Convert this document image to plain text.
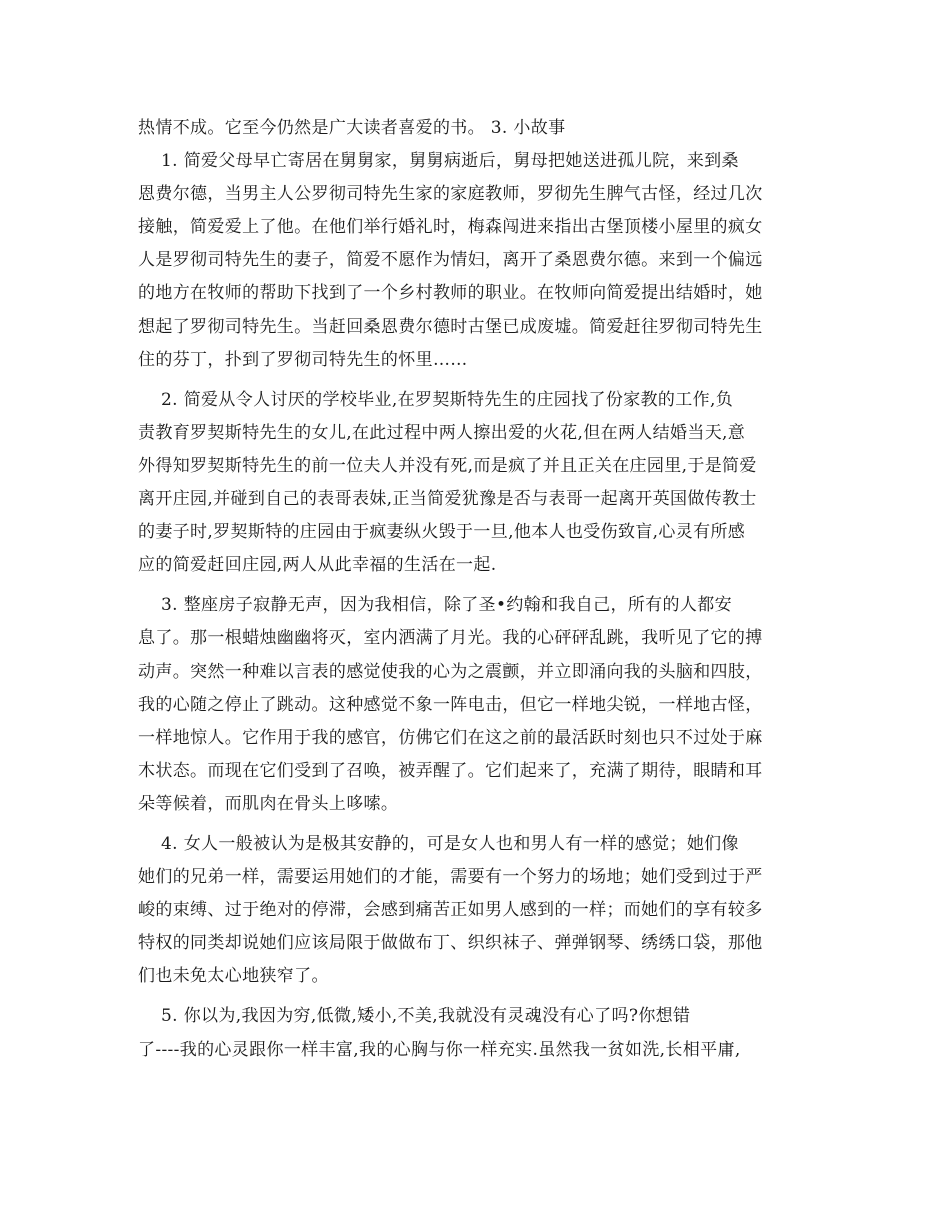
热情不成。它至今仍然是广大读者喜爱的书。 3. 小故事
1. 简爱父母早亡寄居在舅舅家，舅舅病逝后，舅母把她送进孤儿院，来到桑
恩费尔德，当男主人公罗彻司特先生家的家庭教师，罗彻先生脾气古怪，经过几次
接触，简爱爱上了他。在他们举行婚礼时，梅森闯进来指出古堡顶楼小屋里的疯女
人是罗彻司特先生的妻子，简爱不愿作为情妇，离开了桑恩费尔德。来到一个偏远
的地方在牧师的帮助下找到了一个乡村教师的职业。在牧师向简爱提出结婚时，她
想起了罗彻司特先生。当赶回桑恩费尔德时古堡已成废墟。简爱赶往罗彻司特先生
住的芬丁，扑到了罗彻司特先生的怀里……
2. 简爱从令人讨厌的学校毕业,在罗契斯特先生的庄园找了份家教的工作,负
责教育罗契斯特先生的女儿,在此过程中两人擦出爱的火花,但在两人结婚当天,意
外得知罗契斯特先生的前一位夫人并没有死,而是疯了并且正关在庄园里,于是简爱
离开庄园,并碰到自己的表哥表妹,正当简爱犹豫是否与表哥一起离开英国做传教士
的妻子时,罗契斯特的庄园由于疯妻纵火毁于一旦,他本人也受伤致盲,心灵有所感
应的简爱赶回庄园,两人从此幸福的生活在一起.
3. 整座房子寂静无声，因为我相信，除了圣•约翰和我自己，所有的人都安
息了。那一根蜡烛幽幽将灭，室内洒满了月光。我的心砰砰乱跳，我听见了它的搏
动声。突然一种难以言表的感觉使我的心为之震颤，并立即涌向我的头脑和四肢，
我的心随之停止了跳动。这种感觉不象一阵电击，但它一样地尖锐，一样地古怪，
一样地惊人。它作用于我的感官，仿佛它们在这之前的最活跃时刻也只不过处于麻
木状态。而现在它们受到了召唤，被弄醒了。它们起来了，充满了期待，眼睛和耳
朵等候着，而肌肉在骨头上哆嗦。
4. 女人一般被认为是极其安静的，可是女人也和男人有一样的感觉；她们像
她们的兄弟一样，需要运用她们的才能，需要有一个努力的场地；她们受到过于严
峻的束缚、过于绝对的停滞，会感到痛苦正如男人感到的一样；而她们的享有较多
特权的同类却说她们应该局限于做做布丁、织织袜子、弹弹钢琴、绣绣口袋，那他
们也未免太心地狭窄了。
5. 你以为,我因为穷,低微,矮小,不美,我就没有灵魂没有心了吗?你想错
了----我的心灵跟你一样丰富,我的心胸与你一样充实.虽然我一贫如洗,长相平庸,
